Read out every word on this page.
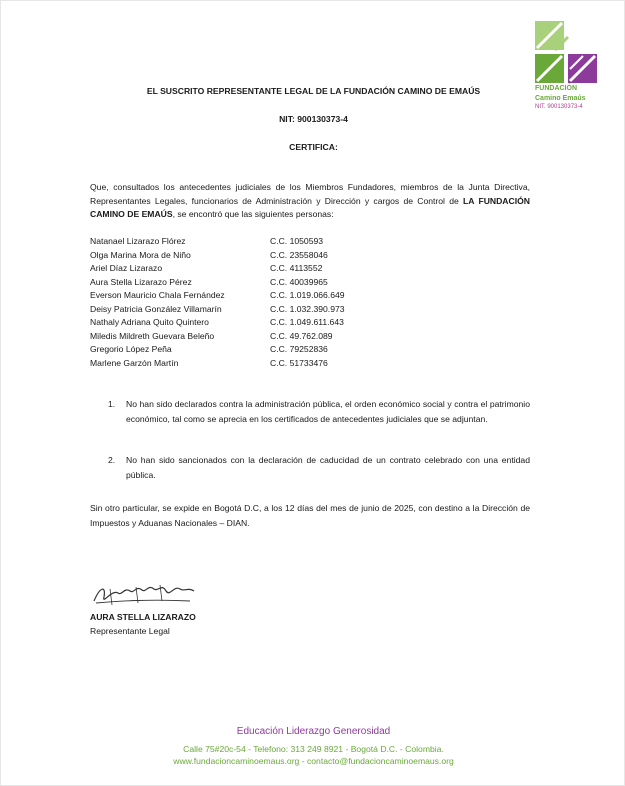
FUNDACIÓN
Camino Emaús
NIT. 900130373-4
EL SUSCRITO REPRESENTANTE LEGAL DE LA FUNDACIÓN CAMINO DE EMAÚS
NIT: 900130373-4
CERTIFICA:
Que, consultados los antecedentes judiciales de los Miembros Fundadores, miembros de la Junta Directiva, Representantes Legales, funcionarios de Administración y Dirección y cargos de Control de LA FUNDACIÓN CAMINO DE EMAÚS, se encontró que las siguientes personas:
Natanael Lizarazo Flórez	C.C. 1050593
Olga Marina Mora de Niño	C.C. 23558046
Ariel Díaz Lizarazo	C.C. 4113552
Aura Stella Lizarazo Pérez	C.C. 40039965
Everson Mauricio Chala Fernández	C.C. 1.019.066.649
Deisy Patricia González Villamarín	C.C. 1.032.390.973
Nathaly Adriana Quito Quintero	C.C. 1.049.611.643
Miledis Mildreth Guevara Beleño	C.C. 49.762.089
Gregorio López Peña	C.C. 79252836
Marlene Garzón Martín	C.C. 51733476
1.	No han sido declarados contra la administración pública, el orden económico social y contra el patrimonio económico, tal como se aprecia en los certificados de antecedentes judiciales que se adjuntan.
2.	No han sido sancionados con la declaración de caducidad de un contrato celebrado con una entidad pública.
Sin otro particular, se expide en Bogotá D.C, a los 12 días del mes de junio de 2025, con destino a la Dirección de Impuestos y Aduanas Nacionales – DIAN.
AURA STELLA LIZARAZO
Representante Legal
Educación Liderazgo Generosidad
Calle 75#20c-54 - Telefono: 313 249 8921 - Bogotá D.C. - Colombia.
www.fundacioncaminoemaus.org - contacto@fundacioncaminoemaus.org
